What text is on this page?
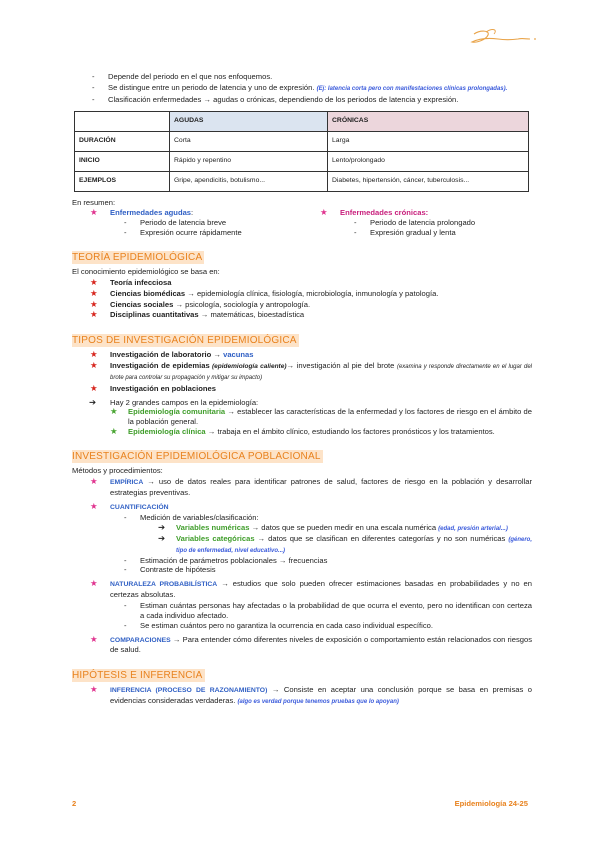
- Depende del periodo en el que nos enfoquemos.
- Se distingue entre un periodo de latencia y uno de expresión. (Ej: latencia corta pero con manifestaciones clínicas prolongadas).
- Clasificación enfermedades → agudas o crónicas, dependiendo de los periodos de latencia y expresión.
	AGUDAS	CRÓNICAS
DURACIÓN	Corta	Larga
INICIO	Rápido y repentino	Lento/prolongado
EJEMPLOS	Gripe, apendicitis, botulismo...	Diabetes, hipertensión, cáncer, tuberculosis...
En resumen:
★ Enfermedades agudas:
- Periodo de latencia breve
- Expresión ocurre rápidamente
★ Enfermedades crónicas:
- Periodo de latencia prolongado
- Expresión gradual y lenta
TEORÍA EPIDEMIOLÓGICA
El conocimiento epidemiológico se basa en:
★ Teoría infecciosa
★ Ciencias biomédicas → epidemiología clínica, fisiología, microbiología, inmunología y patología.
★ Ciencias sociales → psicología, sociología y antropología.
★ Disciplinas cuantitativas → matemáticas, bioestadística
TIPOS DE INVESTIGACIÓN EPIDEMIOLÓGICA
★ Investigación de laboratorio → vacunas
★ Investigación de epidemias (epidemiología caliente)→ investigación al pie del brote (examina y responde directamente en el lugar del brote para controlar su propagación y mitigar su impacto)
★ Investigación en poblaciones
➔ Hay 2 grandes campos en la epidemiología:
★ Epidemiología comunitaria → establecer las características de la enfermedad y los factores de riesgo en el ámbito de la población general.
★ Epidemiología clínica → trabaja en el ámbito clínico, estudiando los factores pronósticos y los tratamientos.
INVESTIGACIÓN EPIDEMIOLÓGICA POBLACIONAL
Métodos y procedimientos:
★ EMPÍRICA → uso de datos reales para identificar patrones de salud, factores de riesgo en la población y desarrollar estrategias preventivas.
★ CUANTIFICACIÓN
- Medición de variables/clasificación:
➔ Variables numéricas → datos que se pueden medir en una escala numérica (edad, presión arterial...)
➔ Variables categóricas → datos que se clasifican en diferentes categorías y no son numéricas (género, tipo de enfermedad, nivel educativo...)
- Estimación de parámetros poblacionales → frecuencias
- Contraste de hipótesis
★ NATURALEZA PROBABILÍSTICA → estudios que solo pueden ofrecer estimaciones basadas en probabilidades y no en certezas absolutas.
- Estiman cuántas personas hay afectadas o la probabilidad de que ocurra el evento, pero no identifican con certeza a cada individuo afectado.
- Se estiman cuántos pero no garantiza la ocurrencia en cada caso individual específico.
★ COMPARACIONES → Para entender cómo diferentes niveles de exposición o comportamiento están relacionados con riesgos de salud.
HIPÓTESIS E INFERENCIA
★ INFERENCIA (PROCESO DE RAZONAMIENTO) → Consiste en aceptar una conclusión porque se basa en premisas o evidencias consideradas verdaderas. (algo es verdad porque tenemos pruebas que lo apoyan)
2	Epidemiología 24-25
